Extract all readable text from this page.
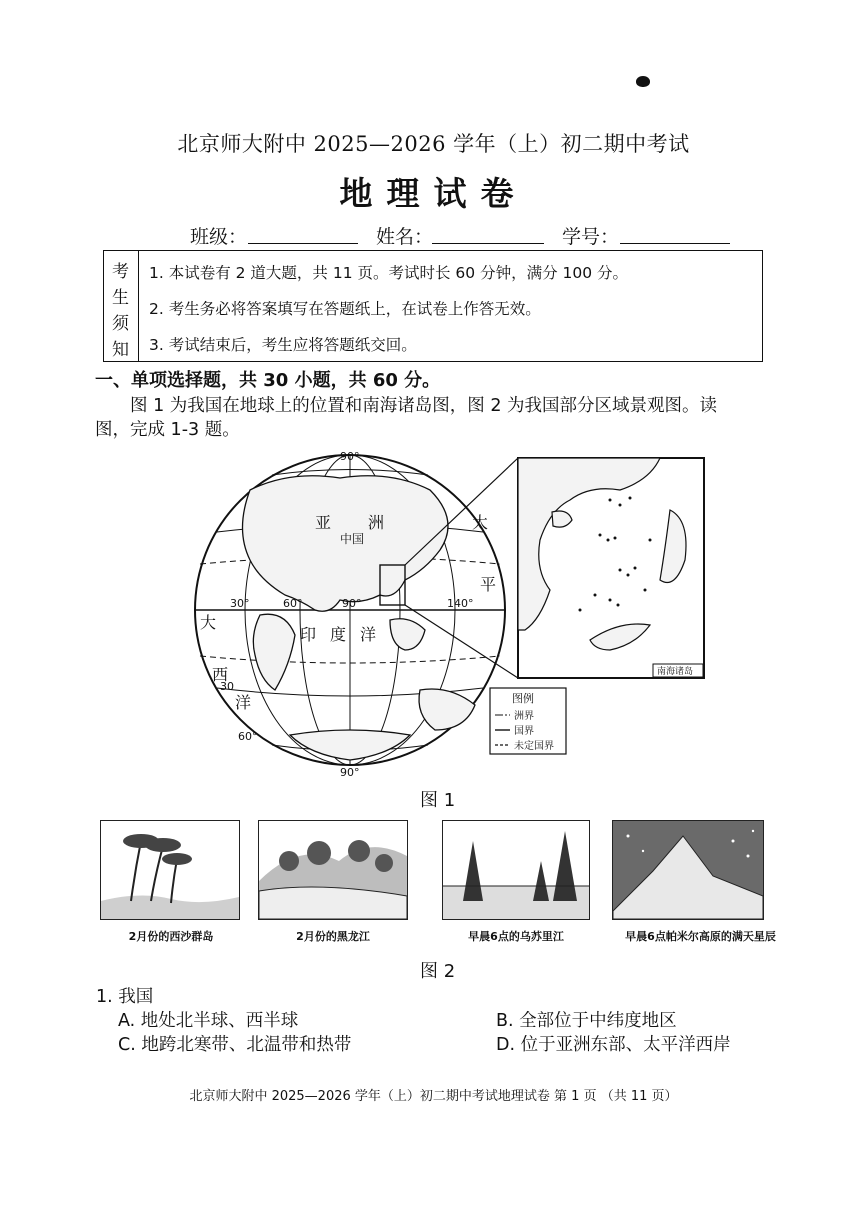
北京师大附中 2025—2026 学年（上）初二期中考试
地理试卷
班级：	姓名：	学号：
考
生
须
知
1. 本试卷有 2 道大题，共 11 页。考试时长 60 分钟，满分 100 分。
2. 考生务必将答案填写在答题纸上，在试卷上作答无效。
3. 考试结束后，考生应将答题纸交回。
一、单项选择题，共 30 小题，共 60 分。
图 1 为我国在地球上的位置和南海诸岛图，图 2 为我国部分区域景观图。读
图，完成 1-3 题。
90°
90°
30°	60°	90°	140°
30
60°
中国
亚 洲	太
平
印 度 洋
大
西
洋
南海诸岛
图例
洲界
国界
未定国界
图 1
2月份的西沙群岛	2月份的黑龙江	早晨6点的乌苏里江	早晨6点帕米尔高原的满天星辰
图 2
1. 我国
A. 地处北半球、西半球	B. 全部位于中纬度地区
C. 地跨北寒带、北温带和热带	D. 位于亚洲东部、太平洋西岸
北京师大附中 2025—2026 学年（上）初二期中考试地理试卷 第 1 页 （共 11 页）
